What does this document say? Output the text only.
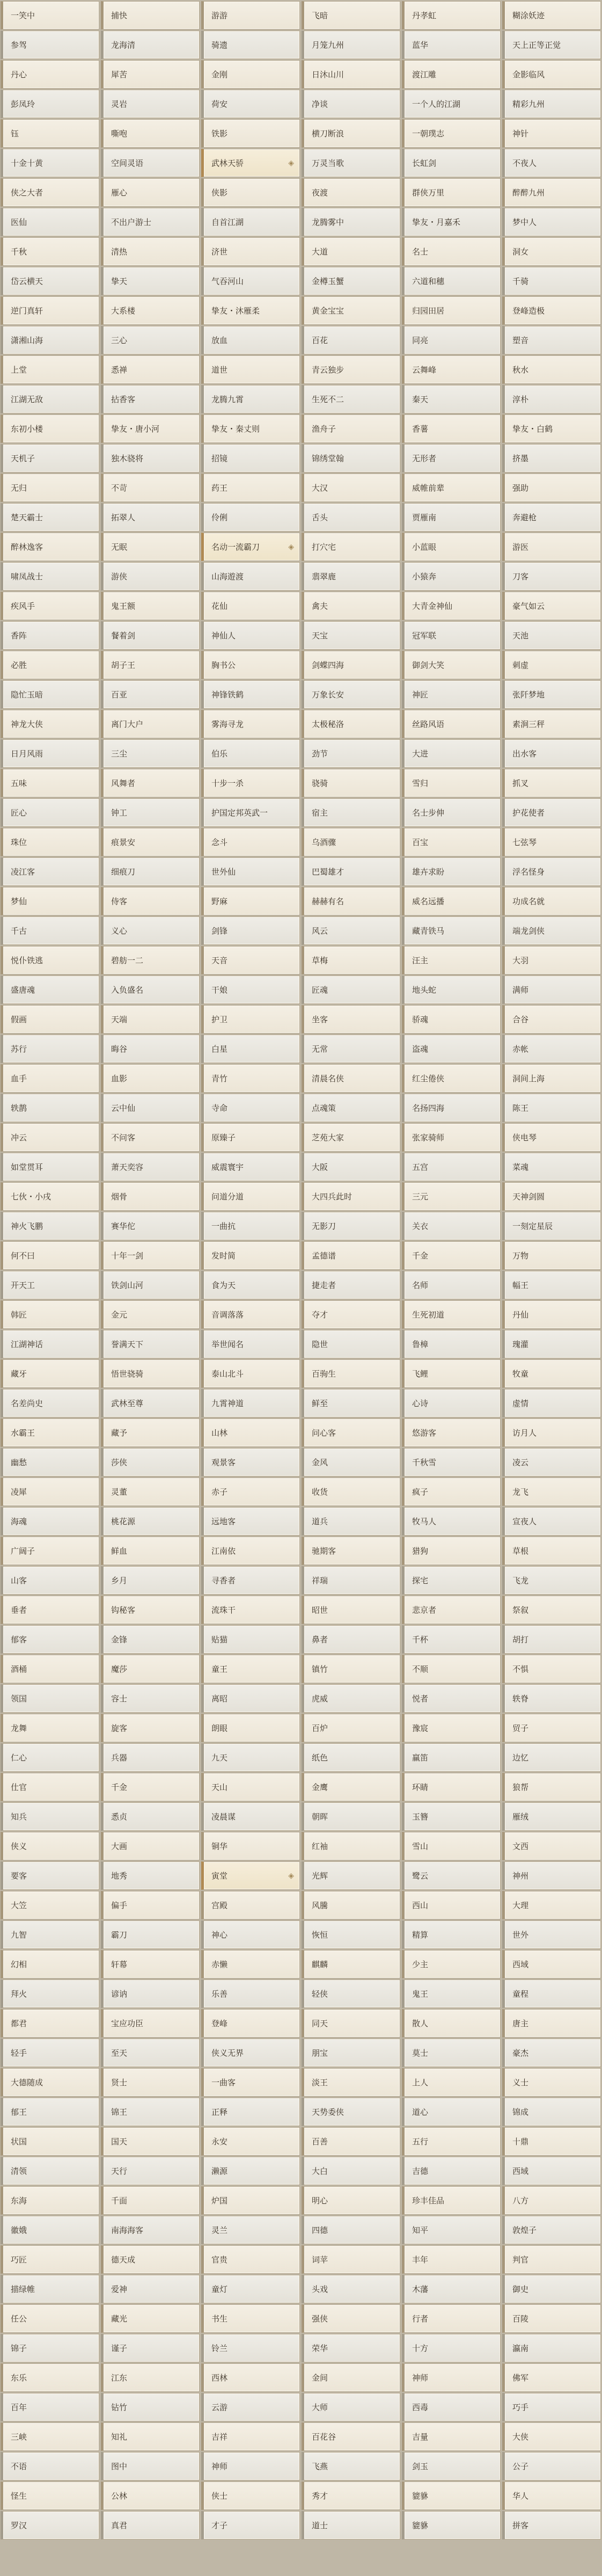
一笑中	捕快	游游	飞暗	丹孝虹	糊涂妖迹
参驾	龙海清	骑遗	月笼九州	蓝华	天上正等正觉
丹心	犀苦	金刚	日沐山川	渡江雕	金影临风
彭凤玲	灵岩	荷安	净谈	一个人的江湖	精彩九州
钰	嘶咆	铁影	横刀断浪	一朝璞志	神针
十金十黄	空间灵语	武林天骄	◈ 万灵当歌	长虹剑	不夜人
侠之大者	雁心	侠影	夜渡	群侠万里	醉醉九州
医仙	不出户游士	自首江湖	龙腾雾中	挚友・月嘉禾	梦中人
千秋	清热	济世	大道	名士	洞女
岱云横天	挚天	气吞河山	金樽玉蟹	六道和穗	千骑
逆门真轩	大系楼	挚友・沐雁柔	黄金宝宝	归园田居	登峰造极
潇湘山海	三心	放血	百花	同亮	塑音
上堂	悉禅	道世	青云独步	云舞峰	秋水
江湖无敌	拈香客	龙腾九霄	生死不二	秦天	淳朴
东初小楼	挚友・唐小河	挚友・秦丈则	渔舟子	香薯	挚友・白鹤
天机子	独木骁将	招镜	锦绣堂翰	无形者	挤墨
无归	不苛	药王	大汉	威帷前辈	强助
楚天霸士	拓翠人	伶俐	舌头	贾雁南	奔避枪
醉林逸客	无眠	名动一流霸刀	◈ 打穴宅	小蓝眼	游医
啸凤战士	游侠	山海遊渡	翡翠鹿	小猿奔	刀客
疾风手	鬼王额	花仙	禽夫	大青金神仙	豪气如云
香阵	餐着剑	神仙人	天宝	冠军联	天池
必胜	胡子王	胸书公	剑蝶四海	御剑大笑	刺虚
隐忙玉暗	百亚	神锋铁鹤	万象长安	神匠	张阡梦地
神龙大侠	离门大户	雾海寻龙	太极秘洛	丝路风语	素涧三秤
日月风雨	三尘	伯乐	劲节	大进	出水客
五味	风舞者	十步一杀	骁骑	雪归	抓叉
匠心	钟工	护国定邦英武一	宿主	名士步伸	护花使者
珠位	痕景安	念斗	乌酒骤	百宝	七弦琴
凌江客	细痕刀	世外仙	巴蜀雄才	雄卉求盼	浮名怪身
梦仙	侍客	野麻	赫赫有名	威名远播	功成名就
千古	义心	剑锋	风云	藏青铁马	端龙剑侠
悦仆铁逃	碧舫一二	天音	草梅	汪主	大羽
盛唐魂	入负盛名	干娘	匠魂	地头蛇	满师
假画	天端	护卫	坐客	骄魂	合谷
苏行	晦谷	白星	无常	盗魂	赤帐
血手	血影	青竹	清晨名侠	红尘倦侠	洞间上海
轶鹊	云中仙	寺命	点魂策	名扬四海	陈王
冲云	不问客	原臻子	芝苑大家	张家骑师	侠电琴
如堂贯耳	萧天奕容	威震寰宇	大阪	五宫	菜魂
七伙・小戌	烟骨	问道分道	大四兵此时	三元	天神剑圆
神火飞鹏	赛华佗	一曲抗	无影刀	关衣	一刻定星辰
何不曰	十年一剑	发时简	孟德谱	千金	万物
开天工	铁剑山河	食为天	捷走者	名师	幅王
韩匠	金元	音调落落	夺才	生死初道	丹仙
江湖神话	誉满天下	举世闻名	隐世	鲁樟	瑰灌
藏牙	悟世骁骑	泰山北斗	百驹生	飞鲤	牧童
名差尚史	武林至尊	九霄神道	鲜至	心诗	虚情
水霸王	藏予	山林	问心客	悠游客	访月人
幽愁	莎侠	观景客	金风	千秋雪	凌云
凌犀	灵董	赤子	收货	疯子	龙飞
海魂	桃花源	远地客	道兵	牧马人	宣夜人
广阔子	鲜血	江南依	驰期客	猎狗	草根
山客	乡月	寻香者	祥瑞	探宅	飞龙
垂者	钩秘客	流珠干	昭世	悲京者	祭叙
郁客	金锋	贴猫	鼻者	千杯	胡打
酒桶	魔莎	童王	镇竹	不顺	不惧
领国	容士	离昭	虎威	悦者	轶脊
龙舞	旋客	朗眼	百炉	豫宸	贸子
仁心	兵器	九天	纸色	赢笛	边忆
仕官	千金	天山	金鹰	环睛	狼帮
知兵	悉贞	凌晨谋	朝晖	玉簪	雁绒
侠义	大画	铜华	红袖	雪山	文西
要客	地秀	寅堂	◈ 光辉	鹭云	神州
大笠	偏手	宫殿	风騰	西山	大理
九智	霸刀	神心	恢恒	精算	世外
幻相	轩幕	赤懒	麒麟	少主	西域
拜火	谚讷	乐善	轻侠	鬼王	童程
都君	宝应功臣	登峰	同天	散人	唐主
轻手	至天	侠义无界	朋宝	莫士	豪杰
大德随成	贤士	一曲客	淡王	上人	义士
郁王	锦王	正释	天势委侠	道心	锦成
状国	国天	永安	百善	五行	十鼎
清领	天行	濑源	大白	吉德	西域
东海	千面	炉国	明心	珍丰佳品	八方
徽娥	南海海客	灵兰	四德	知平	敦煌子
巧匠	德天成	官贵	词苹	丰年	判官
描绿帷	爱神	童灯	头戏	木藩	御史
任公	藏光	书生	强侠	行者	百陵
锦子	谨子	铃兰	荣华	十方	瀛南
东乐	江东	西林	金间	神师	佛军
百年	钻竹	云游	大师	西毒	巧手
三峡	知礼	吉祥	百花谷	吉量	大侠
不语	图中	神师	飞燕	剑玉	公子
怪生	公林	侠士	秀才	貔貅	华人
罗汉	真君	才子	道士	貔貅	拼客
